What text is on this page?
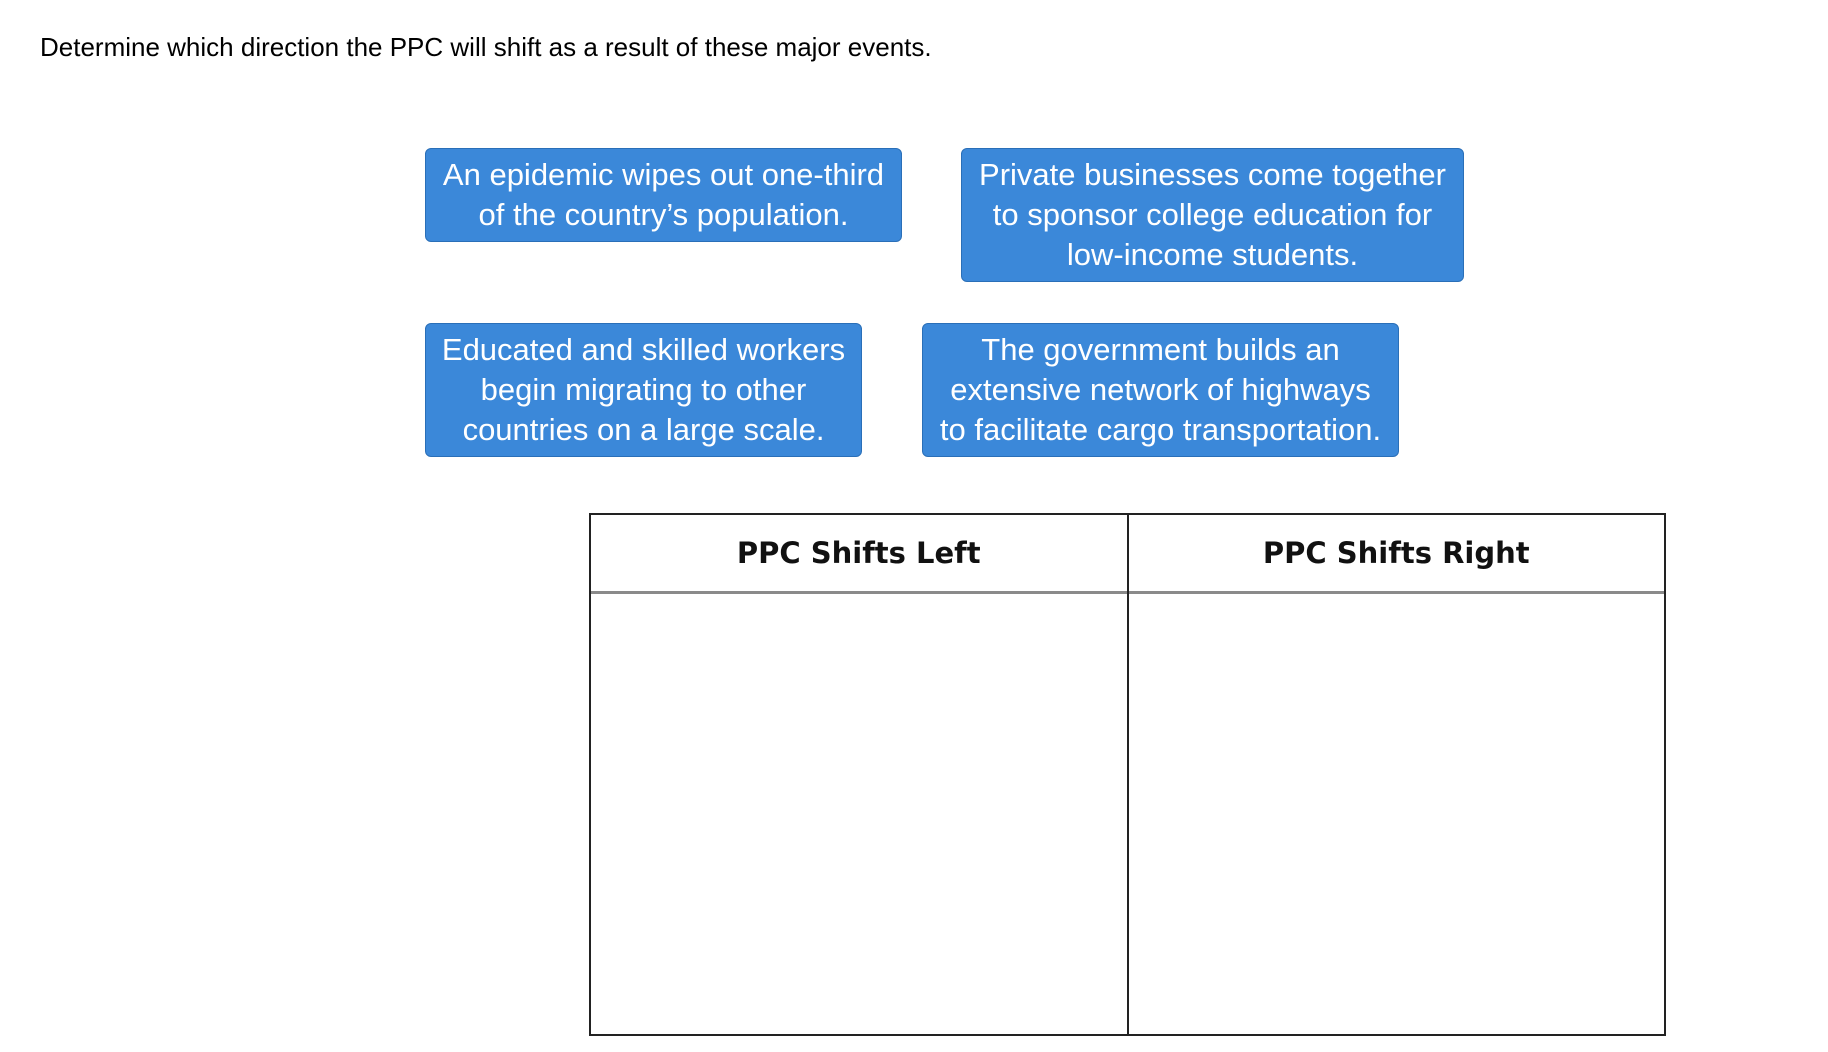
Determine which direction the PPC will shift as a result of these major events.
An epidemic wipes out one-third
of the country’s population.
Private businesses come together
to sponsor college education for
low-income students.
Educated and skilled workers
begin migrating to other
countries on a large scale.
The government builds an
extensive network of highways
to facilitate cargo transportation.
PPC Shifts Left	PPC Shifts Right
